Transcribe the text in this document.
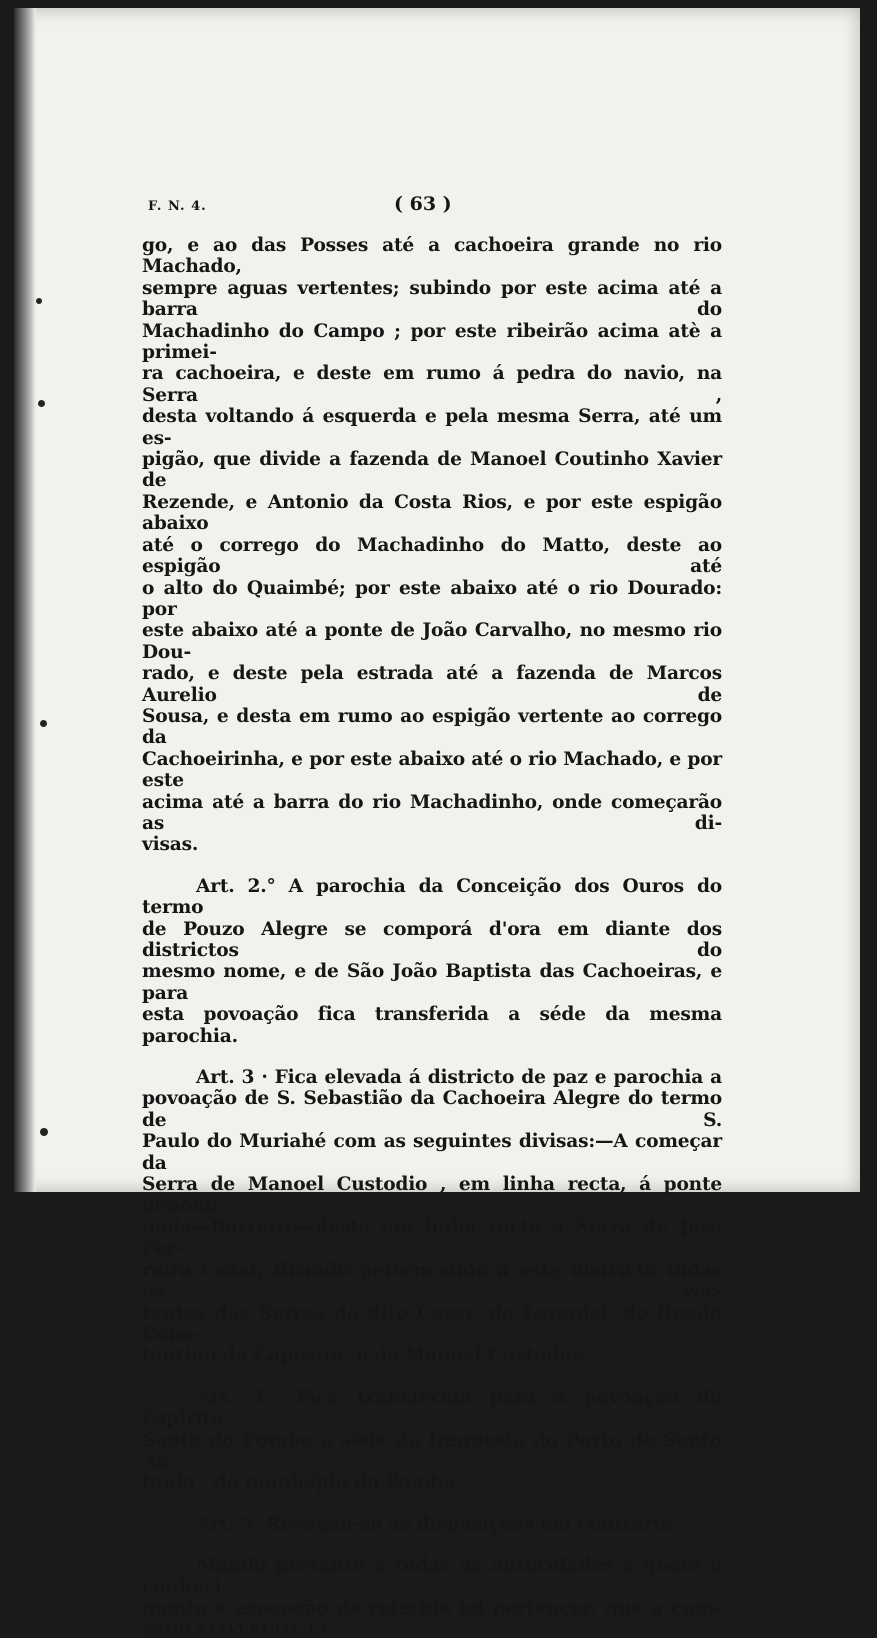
F. N. 4.	( 63 )

go, e ao das Posses até a cachoeira grande no rio Machado,
sempre aguas vertentes; subindo por este acima até a barra do
Machadinho do Campo ; por este ribeirão acima atè a primei-
ra cachoeira, e deste em rumo á pedra do navio, na Serra ,
desta voltando á esquerda e pela mesma Serra, até um es-
pigão, que divide a fazenda de Manoel Coutinho Xavier de
Rezende, e Antonio da Costa Rios, e por este espigão abaixo
até o corrego do Machadinho do Matto, deste ao espigão até
o alto do Quaimbé; por este abaixo até o rio Dourado: por
este abaixo até a ponte de João Carvalho, no mesmo rio Dou-
rado, e deste pela estrada até a fazenda de Marcos Aurelio de
Sousa, e desta em rumo ao espigão vertente ao corrego da
Cachoeirinha, e por este abaixo até o rio Machado, e por este
acima até a barra do rio Machadinho, onde começarão as di-
visas.

Art. 2.° A parochia da Conceição dos Ouros do termo
de Pouzo Alegre se comporá d'ora em diante dos districtos do
mesmo nome, e de São João Baptista das Cachoeiras, e para
esta povoação fica transferida a séde da mesma parochia.

Art. 3 · Fica elevada á districto de paz e parochia a
povoação de S. Sebastião da Cachoeira Alegre do termo de S.
Paulo do Muriahé com as seguintes divisas:—A começar da
Serra de Manoel Custodio , em linha recta, á ponte denomi-
nada—Barreiro—deste em linha recta á Serra de José Fer-
reira Cezar, ficando pertencendo á este districto todas as ver-
tentes das Serras do dito Cezar, do Laranjal, do finado Cons-
tantino do Capivara, e de Manoel Custodio.

Art. 4.· Fica transferida para a povoação do Espirito
Santo do Pomba a séde da freguesia do Porto de Santo An-
tonio , do municipio do Pomba.

Art. 5· Revogão-se as disposições em contrario.

Mando portanto a todas as autoridades a quem o conheci-
mento e execução da referida lei pertencer, que a cum-

TOMO XXXVI PARTE 1.ª
